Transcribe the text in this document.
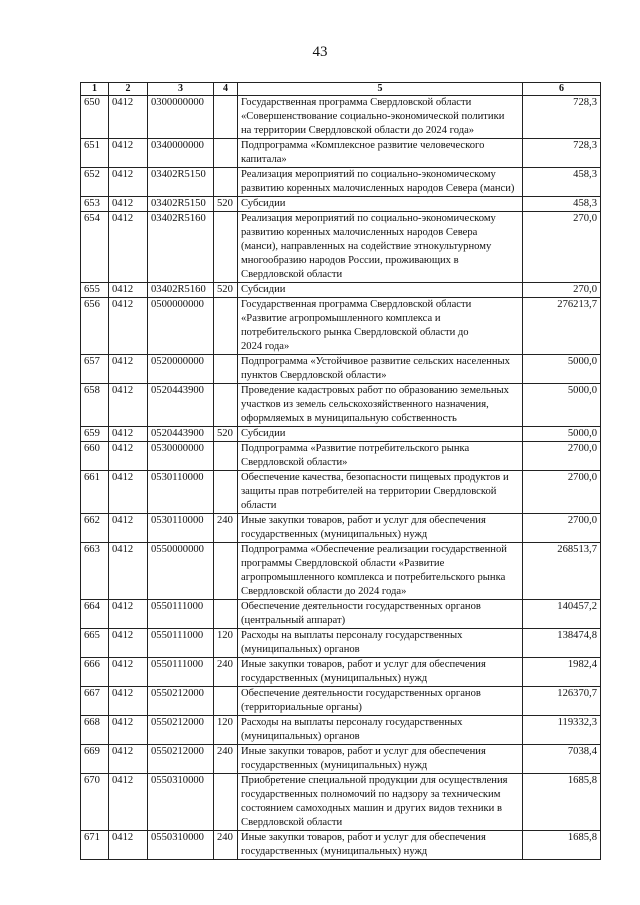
43
1	2	3	4	5	6
650	0412	0300000000		Государственная программа Свердловской области
«Совершенствование социально-экономической политики
на территории Свердловской области до 2024 года»	728,3
651	0412	0340000000		Подпрограмма «Комплексное развитие человеческого
капитала»	728,3
652	0412	03402R5150		Реализация мероприятий по социально-экономическому
развитию коренных малочисленных народов Севера (манси)	458,3
653	0412	03402R5150	520	Субсидии	458,3
654	0412	03402R5160		Реализация мероприятий по социально-экономическому
развитию коренных малочисленных народов Севера
(манси), направленных на содействие этнокультурному
многообразию народов России, проживающих в
Свердловской области	270,0
655	0412	03402R5160	520	Субсидии	270,0
656	0412	0500000000		Государственная программа Свердловской области
«Развитие агропромышленного комплекса и
потребительского рынка Свердловской области до
2024 года»	276213,7
657	0412	0520000000		Подпрограмма «Устойчивое развитие сельских населенных
пунктов Свердловской области»	5000,0
658	0412	0520443900		Проведение кадастровых работ по образованию земельных
участков из земель сельскохозяйственного назначения,
оформляемых в муниципальную собственность	5000,0
659	0412	0520443900	520	Субсидии	5000,0
660	0412	0530000000		Подпрограмма «Развитие потребительского рынка
Свердловской области»	2700,0
661	0412	0530110000		Обеспечение качества, безопасности пищевых продуктов и
защиты прав потребителей на территории Свердловской
области	2700,0
662	0412	0530110000	240	Иные закупки товаров, работ и услуг для обеспечения
государственных (муниципальных) нужд	2700,0
663	0412	0550000000		Подпрограмма «Обеспечение реализации государственной
программы Свердловской области «Развитие
агропромышленного комплекса и потребительского рынка
Свердловской области до 2024 года»	268513,7
664	0412	0550111000		Обеспечение деятельности государственных органов
(центральный аппарат)	140457,2
665	0412	0550111000	120	Расходы на выплаты персоналу государственных
(муниципальных) органов	138474,8
666	0412	0550111000	240	Иные закупки товаров, работ и услуг для обеспечения
государственных (муниципальных) нужд	1982,4
667	0412	0550212000		Обеспечение деятельности государственных органов
(территориальные органы)	126370,7
668	0412	0550212000	120	Расходы на выплаты персоналу государственных
(муниципальных) органов	119332,3
669	0412	0550212000	240	Иные закупки товаров, работ и услуг для обеспечения
государственных (муниципальных) нужд	7038,4
670	0412	0550310000		Приобретение специальной продукции для осуществления
государственных полномочий по надзору за техническим
состоянием самоходных машин и других видов техники в
Свердловской области	1685,8
671	0412	0550310000	240	Иные закупки товаров, работ и услуг для обеспечения
государственных (муниципальных) нужд	1685,8
